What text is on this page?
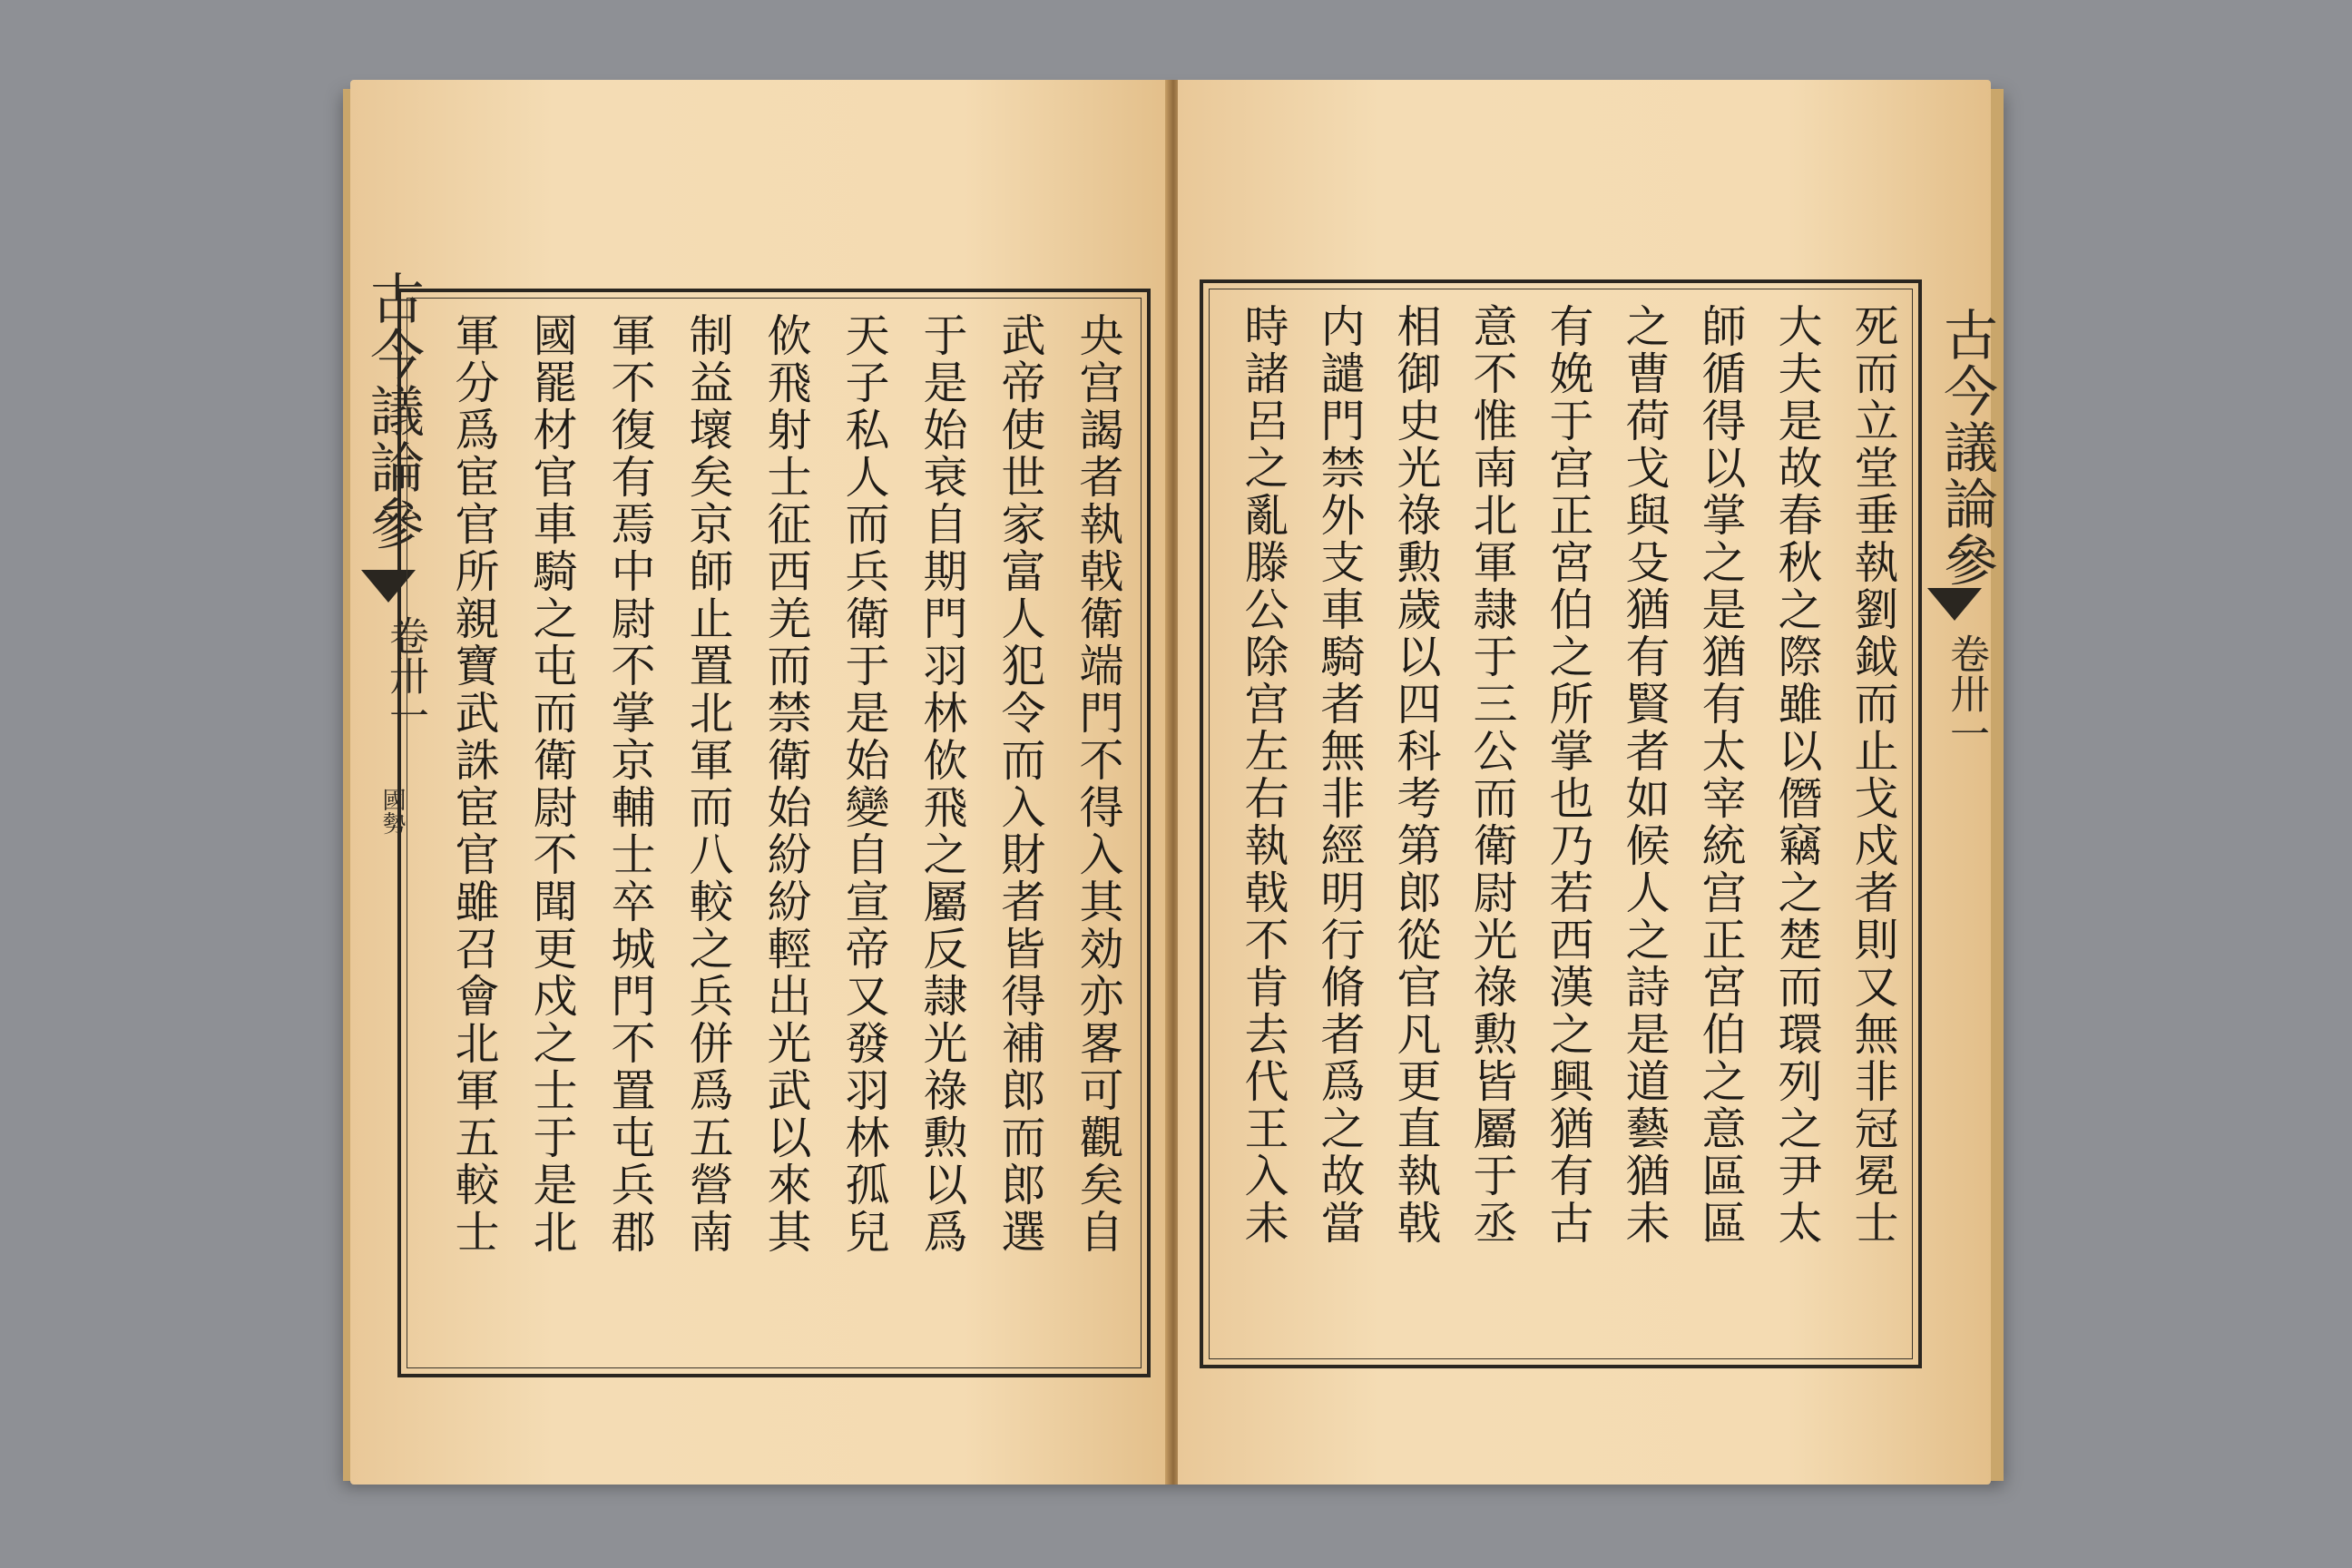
古今議論參
卷卅一
國勢	央宫謁者執戟衛端門不得入其効亦畧可觀矣自
武帝使世家富人犯令而入財者皆得補郎而郎選
于是始衰自期門羽林佽飛之屬反隷光祿勲以爲
天子私人而兵衛于是始變自宣帝又發羽林孤兒
佽飛射士征西羌而禁衛始紛紛輕出光武以來其
制益壞矣京師止置北軍而八較之兵併爲五營南
軍不復有焉中尉不掌京輔士卒城門不置屯兵郡
國罷材官車騎之屯而衛尉不聞更戍之士于是北
軍分爲宦官所親寶武誅宦官雖召會北軍五較士	死而立堂垂執劉鉞而止戈戍者則又無非冠冕士
大夫是故春秋之際雖以僭竊之楚而環列之尹太
師循得以掌之是猶有太宰統宫正宮伯之意區區
之曹荷戈與殳猶有賢者如候人之詩是道藝猶未
有娩于宫正宮伯之所掌也乃若西漢之興猶有古
意不惟南北軍隷于三公而衛尉光祿勲皆屬于丞
相御史光祿勲歲以四科考第郎從官凡更直執戟
内譴門禁外支車騎者無非經明行脩者爲之故當
時諸呂之亂滕公除宫左右執戟不肯去代王入未	古今議論參
卷卅一
